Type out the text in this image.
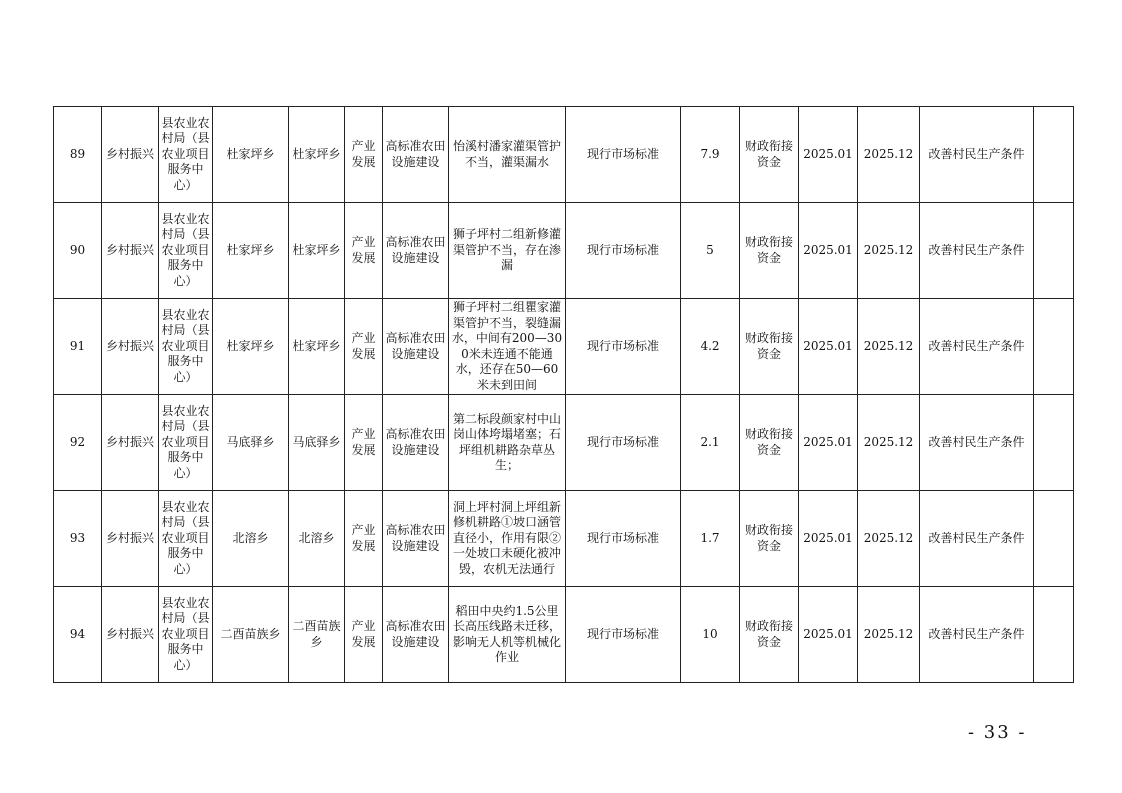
89	乡村振兴	县农业农村局（县农业项目服务中心）	杜家坪乡	杜家坪乡	产业发展	高标准农田设施建设	怡溪村潘家灌渠管护不当，灌渠漏水	现行市场标准	7.9	财政衔接资金	2025.01	2025.12	改善村民生产条件	
90	乡村振兴	县农业农村局（县农业项目服务中心）	杜家坪乡	杜家坪乡	产业发展	高标准农田设施建设	狮子坪村二组新修灌渠管护不当，存在渗漏	现行市场标准	5	财政衔接资金	2025.01	2025.12	改善村民生产条件	
91	乡村振兴	县农业农村局（县农业项目服务中心）	杜家坪乡	杜家坪乡	产业发展	高标准农田设施建设	狮子坪村二组瞿家灌渠管护不当，裂缝漏水，中间有200—300米未连通不能通水，还存在50—60米未到田间	现行市场标准	4.2	财政衔接资金	2025.01	2025.12	改善村民生产条件	
92	乡村振兴	县农业农村局（县农业项目服务中心）	马底驿乡	马底驿乡	产业发展	高标准农田设施建设	第二标段颜家村中山岗山体垮塌堵塞；石坪组机耕路杂草丛生；	现行市场标准	2.1	财政衔接资金	2025.01	2025.12	改善村民生产条件	
93	乡村振兴	县农业农村局（县农业项目服务中心）	北溶乡	北溶乡	产业发展	高标准农田设施建设	洞上坪村洞上坪组新修机耕路①坡口涵管直径小，作用有限②一处坡口未硬化被冲毁，农机无法通行	现行市场标准	1.7	财政衔接资金	2025.01	2025.12	改善村民生产条件	
94	乡村振兴	县农业农村局（县农业项目服务中心）	二酉苗族乡	二酉苗族乡	产业发展	高标准农田设施建设	稻田中央约1.5公里长高压线路未迁移，影响无人机等机械化作业	现行市场标准	10	财政衔接资金	2025.01	2025.12	改善村民生产条件	
- 33 -
